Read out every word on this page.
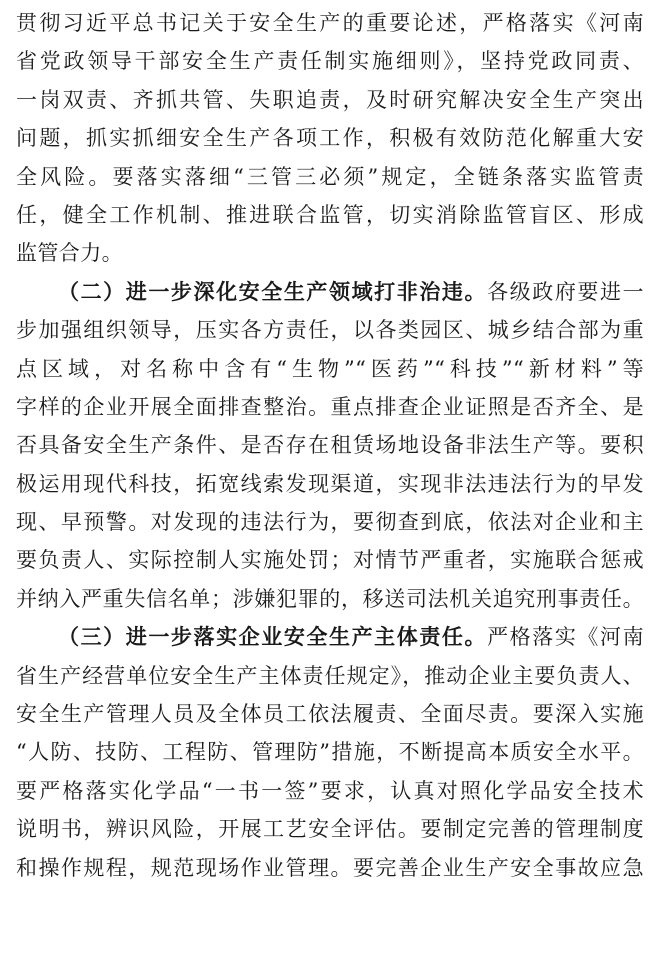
贯彻习近平总书记关于安全生产的重要论述，严格落实《河南
省党政领导干部安全生产责任制实施细则》，坚持党政同责、
一岗双责、齐抓共管、失职追责，及时研究解决安全生产突出
问题，抓实抓细安全生产各项工作，积极有效防范化解重大安
全风险。要落实落细“三管三必须”规定，全链条落实监管责
任，健全工作机制、推进联合监管，切实消除监管盲区、形成
监管合力。
（二）进一步深化安全生产领域打非治违。各级政府要进一
步加强组织领导，压实各方责任，以各类园区、城乡结合部为重
点区域，对名称中含有“生物”“医药”“科技”“新材料”等
字样的企业开展全面排查整治。重点排查企业证照是否齐全、是
否具备安全生产条件、是否存在租赁场地设备非法生产等。要积
极运用现代科技，拓宽线索发现渠道，实现非法违法行为的早发
现、早预警。对发现的违法行为，要彻查到底，依法对企业和主
要负责人、实际控制人实施处罚；对情节严重者，实施联合惩戒
并纳入严重失信名单；涉嫌犯罪的，移送司法机关追究刑事责任。
（三）进一步落实企业安全生产主体责任。严格落实《河南
省生产经营单位安全生产主体责任规定》，推动企业主要负责人、
安全生产管理人员及全体员工依法履责、全面尽责。要深入实施
“人防、技防、工程防、管理防”措施，不断提高本质安全水平。
要严格落实化学品“一书一签”要求，认真对照化学品安全技术
说明书，辨识风险，开展工艺安全评估。要制定完善的管理制度
和操作规程，规范现场作业管理。要完善企业生产安全事故应急
